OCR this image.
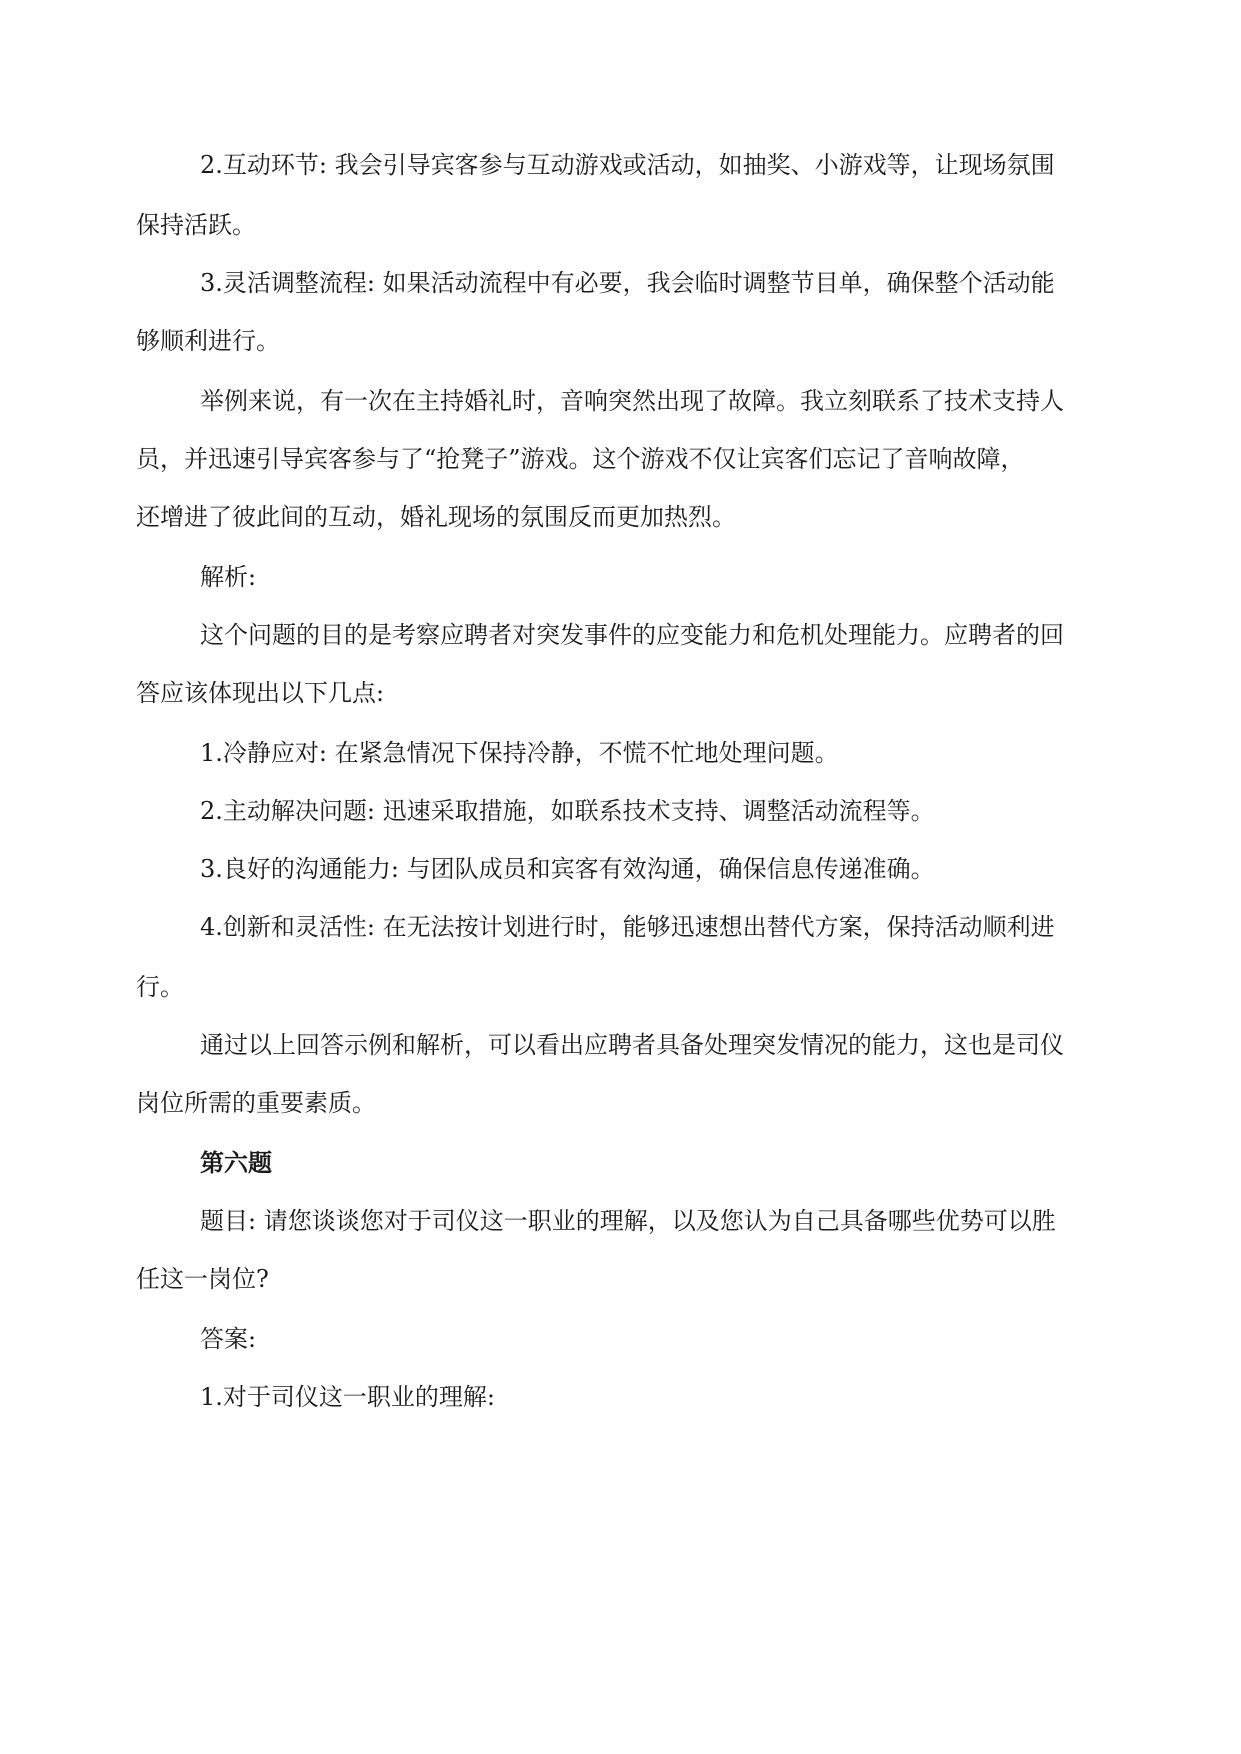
2.互动环节: 我会引导宾客参与互动游戏或活动，如抽奖、小游戏等，让现场氛围
保持活跃。
3.灵活调整流程: 如果活动流程中有必要，我会临时调整节目单，确保整个活动能
够顺利进行。
举例来说，有一次在主持婚礼时，音响突然出现了故障。我立刻联系了技术支持人
员，并迅速引导宾客参与了“抢凳子”游戏。这个游戏不仅让宾客们忘记了音响故障，
还增进了彼此间的互动，婚礼现场的氛围反而更加热烈。
解析:
这个问题的目的是考察应聘者对突发事件的应变能力和危机处理能力。应聘者的回
答应该体现出以下几点:
1.冷静应对: 在紧急情况下保持冷静，不慌不忙地处理问题。
2.主动解决问题: 迅速采取措施，如联系技术支持、调整活动流程等。
3.良好的沟通能力: 与团队成员和宾客有效沟通，确保信息传递准确。
4.创新和灵活性: 在无法按计划进行时，能够迅速想出替代方案，保持活动顺利进
行。
通过以上回答示例和解析，可以看出应聘者具备处理突发情况的能力，这也是司仪
岗位所需的重要素质。
第六题
题目: 请您谈谈您对于司仪这一职业的理解，以及您认为自己具备哪些优势可以胜
任这一岗位?
答案:
1.对于司仪这一职业的理解:
